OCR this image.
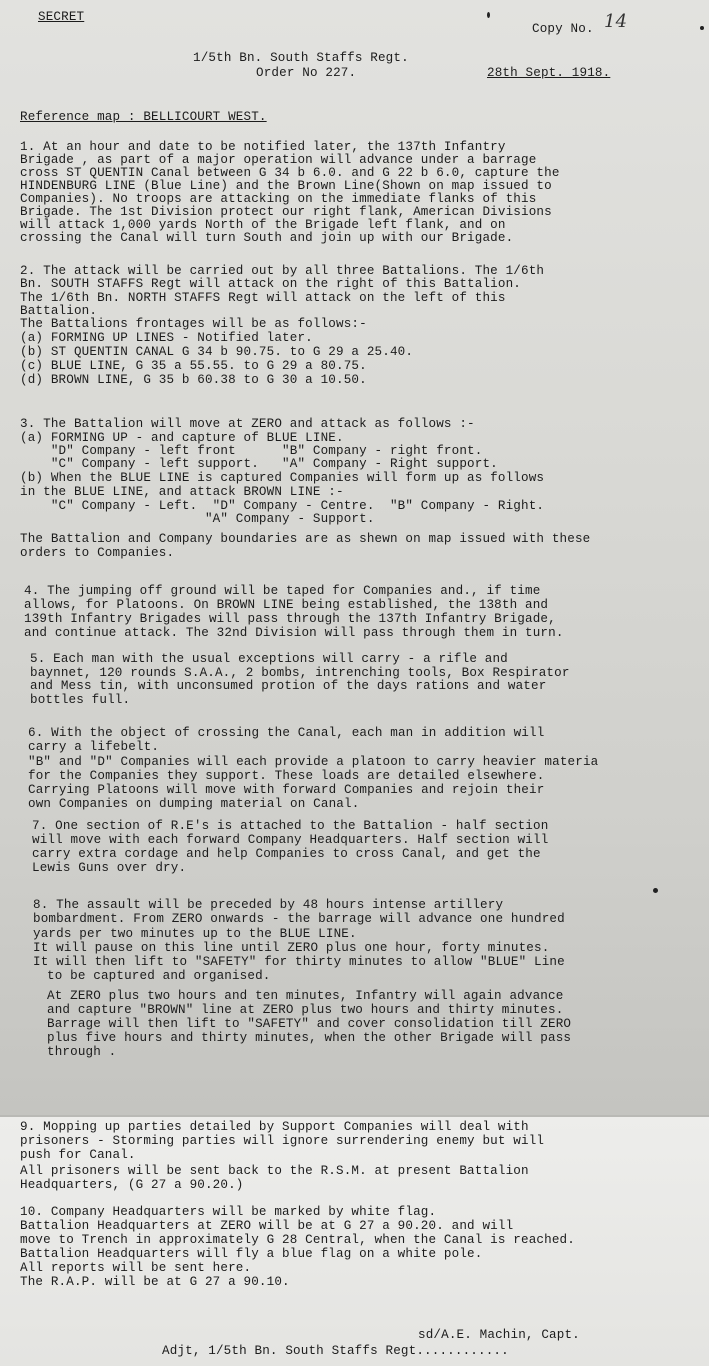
SECRET
Copy No. 14
1/5th Bn. South Staffs Regt.
Order No 227.	28th Sept. 1918.
Reference map : BELLICOURT WEST.
1. At an hour and date to be notified later, the 137th Infantry
Brigade , as part of a major operation will advance under a barrage
cross ST QUENTIN Canal between G 34 b 6.0. and G 22 b 6.0, capture the
HINDENBURG LINE (Blue Line) and the Brown Line(Shown on map issued to
Companies). No troops are attacking on the immediate flanks of this
Brigade. The 1st Division protect our right flank, American Divisions
will attack 1,000 yards North of the Brigade left flank, and on
crossing the Canal will turn South and join up with our Brigade.
2. The attack will be carried out by all three Battalions. The 1/6th
Bn. SOUTH STAFFS Regt will attack on the right of this Battalion.
The 1/6th Bn. NORTH STAFFS Regt will attack on the left of this
Battalion.
The Battalions frontages will be as follows:-
(a) FORMING UP LINES - Notified later.
(b) ST QUENTIN CANAL G 34 b 90.75. to G 29 a 25.40.
(c) BLUE LINE, G 35 a 55.55. to G 29 a 80.75.
(d) BROWN LINE, G 35 b 60.38 to G 30 a 10.50.
3. The Battalion will move at ZERO and attack as follows :-
(a) FORMING UP - and capture of BLUE LINE.
"D" Company - left front      "B" Company - right front.
"C" Company - left support.   "A" Company - Right support.
(b) When the BLUE LINE is captured Companies will form up as follows
in the BLUE LINE, and attack BROWN LINE :-
"C" Company - Left.  "D" Company - Centre.  "B" Company - Right.
"A" Company - Support.
The Battalion and Company boundaries are as shewn on map issued with these
orders to Companies.
4. The jumping off ground will be taped for Companies and., if time
allows, for Platoons. On BROWN LINE being established, the 138th and
139th Infantry Brigades will pass through the 137th Infantry Brigade,
and continue attack. The 32nd Division will pass through them in turn.
5. Each man with the usual exceptions will carry - a rifle and
baynnet, 120 rounds S.A.A., 2 bombs, intrenching tools, Box Respirator
and Mess tin, with unconsumed protion of the days rations and water
bottles full.
6. With the object of crossing the Canal, each man in addition will
carry a lifebelt.
"B" and "D" Companies will each provide a platoon to carry heavier materia
for the Companies they support. These loads are detailed elsewhere.
Carrying Platoons will move with forward Companies and rejoin their
own Companies on dumping material on Canal.
7. One section of R.E's is attached to the Battalion - half section
will move with each forward Company Headquarters. Half section will
carry extra cordage and help Companies to cross Canal, and get the
Lewis Guns over dry.
8. The assault will be preceded by 48 hours intense artillery
bombardment. From ZERO onwards - the barrage will advance one hundred
yards per two minutes up to the BLUE LINE.
It will pause on this line until ZERO plus one hour, forty minutes.
It will then lift to "SAFETY" for thirty minutes to allow "BLUE" Line
to be captured and organised.
At ZERO plus two hours and ten minutes, Infantry will again advance
and capture "BROWN" line at ZERO plus two hours and thirty minutes.
Barrage will then lift to "SAFETY" and cover consolidation till ZERO
plus five hours and thirty minutes, when the other Brigade will pass
through .
9. Mopping up parties detailed by Support Companies will deal with
prisoners - Storming parties will ignore surrendering enemy but will
push for Canal.
All prisoners will be sent back to the R.S.M. at present Battalion
Headquarters, (G 27 a 90.20.)
10. Company Headquarters will be marked by white flag.
Battalion Headquarters at ZERO will be at G 27 a 90.20. and will
move to Trench in approximately G 28 Central, when the Canal is reached.
Battalion Headquarters will fly a blue flag on a white pole.
All reports will be sent here.
The R.A.P. will be at G 27 a 90.10.
sd/A.E. Machin, Capt.
Adjt, 1/5th Bn. South Staffs Regt............
